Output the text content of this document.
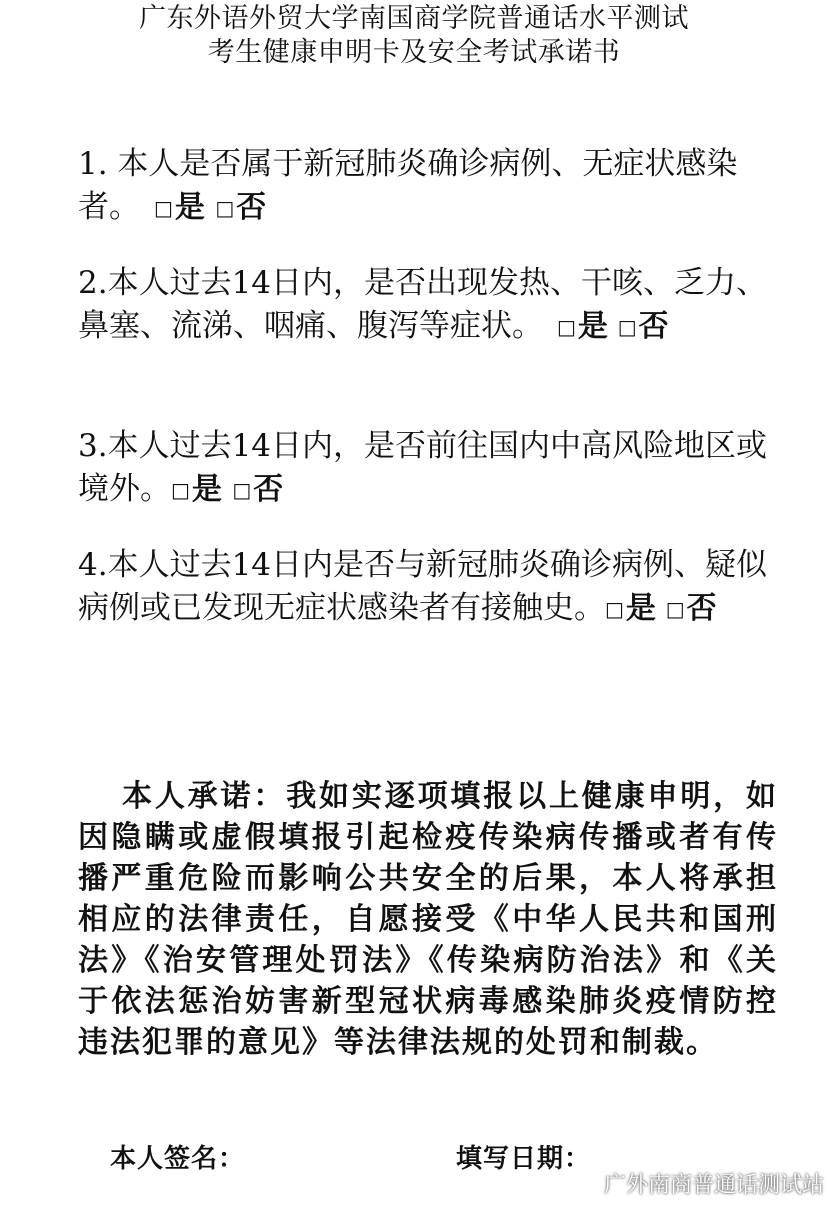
广东外语外贸大学南国商学院普通话水平测试
考生健康申明卡及安全考试承诺书

1. 本人是否属于新冠肺炎确诊病例、无症状感染者。 □是 □否

2.本人过去14日内，是否出现发热、干咳、乏力、鼻塞、流涕、咽痛、腹泻等症状。 □是 □否

3.本人过去14日内，是否前往国内中高风险地区或境外。□是 □否

4.本人过去14日内是否与新冠肺炎确诊病例、疑似病例或已发现无症状感染者有接触史。□是 □否

本人承诺：我如实逐项填报以上健康申明，如因隐瞒或虚假填报引起检疫传染病传播或者有传播严重危险而影响公共安全的后果，本人将承担相应的法律责任，自愿接受《中华人民共和国刑法》《治安管理处罚法》《传染病防治法》和《关于依法惩治妨害新型冠状病毒感染肺炎疫情防控违法犯罪的意见》等法律法规的处罚和制裁。

本人签名：	填写日期：
广外南商普通话测试站
